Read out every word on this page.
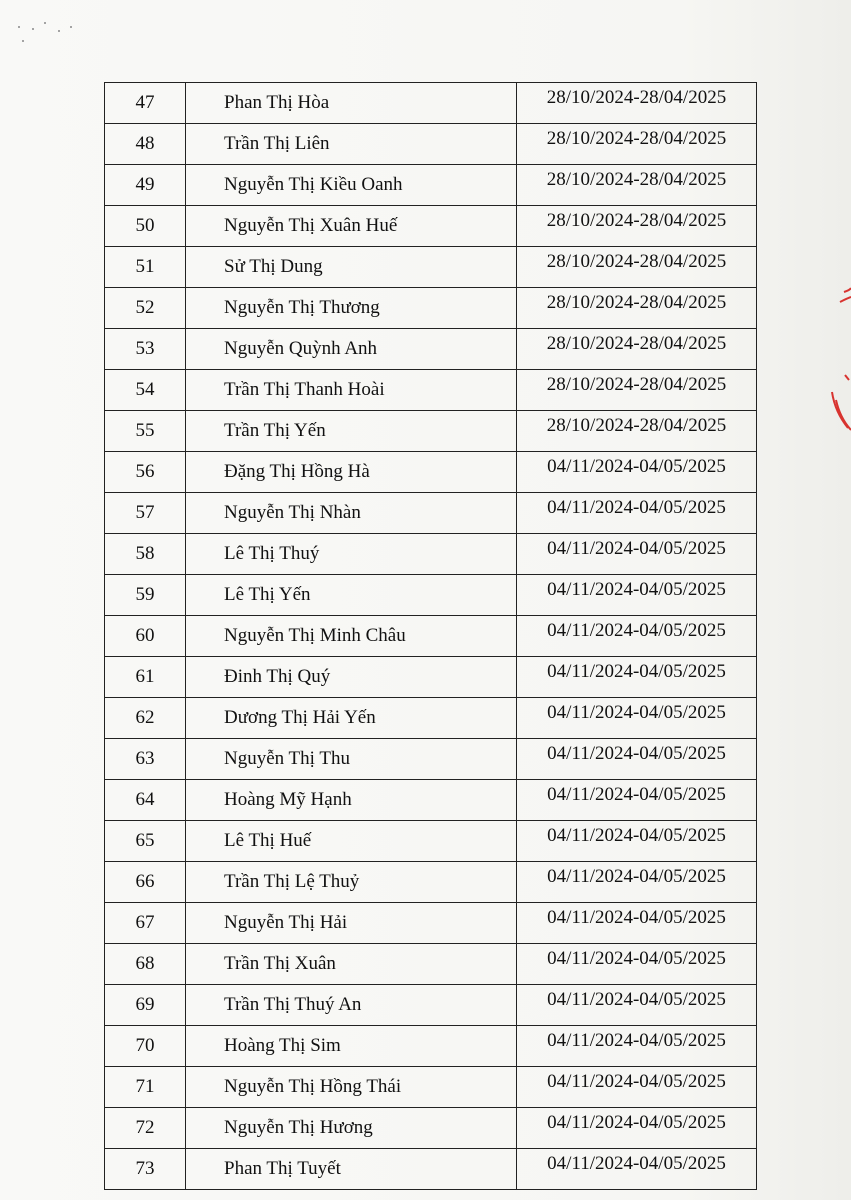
47	Phan Thị Hòa	28/10/2024-28/04/2025
48	Trần Thị Liên	28/10/2024-28/04/2025
49	Nguyễn Thị Kiều Oanh	28/10/2024-28/04/2025
50	Nguyễn Thị Xuân Huế	28/10/2024-28/04/2025
51	Sử Thị Dung	28/10/2024-28/04/2025
52	Nguyễn Thị Thương	28/10/2024-28/04/2025
53	Nguyễn Quỳnh Anh	28/10/2024-28/04/2025
54	Trần Thị Thanh Hoài	28/10/2024-28/04/2025
55	Trần Thị Yến	28/10/2024-28/04/2025
56	Đặng Thị Hồng Hà	04/11/2024-04/05/2025
57	Nguyễn Thị Nhàn	04/11/2024-04/05/2025
58	Lê Thị Thuý	04/11/2024-04/05/2025
59	Lê Thị Yến	04/11/2024-04/05/2025
60	Nguyễn Thị Minh Châu	04/11/2024-04/05/2025
61	Đinh Thị Quý	04/11/2024-04/05/2025
62	Dương Thị Hải Yến	04/11/2024-04/05/2025
63	Nguyễn Thị Thu	04/11/2024-04/05/2025
64	Hoàng Mỹ Hạnh	04/11/2024-04/05/2025
65	Lê Thị Huế	04/11/2024-04/05/2025
66	Trần Thị Lệ Thuỷ	04/11/2024-04/05/2025
67	Nguyễn Thị Hải	04/11/2024-04/05/2025
68	Trần Thị Xuân	04/11/2024-04/05/2025
69	Trần Thị Thuý An	04/11/2024-04/05/2025
70	Hoàng Thị Sim	04/11/2024-04/05/2025
71	Nguyễn Thị Hồng Thái	04/11/2024-04/05/2025
72	Nguyễn Thị Hương	04/11/2024-04/05/2025
73	Phan Thị Tuyết	04/11/2024-04/05/2025
